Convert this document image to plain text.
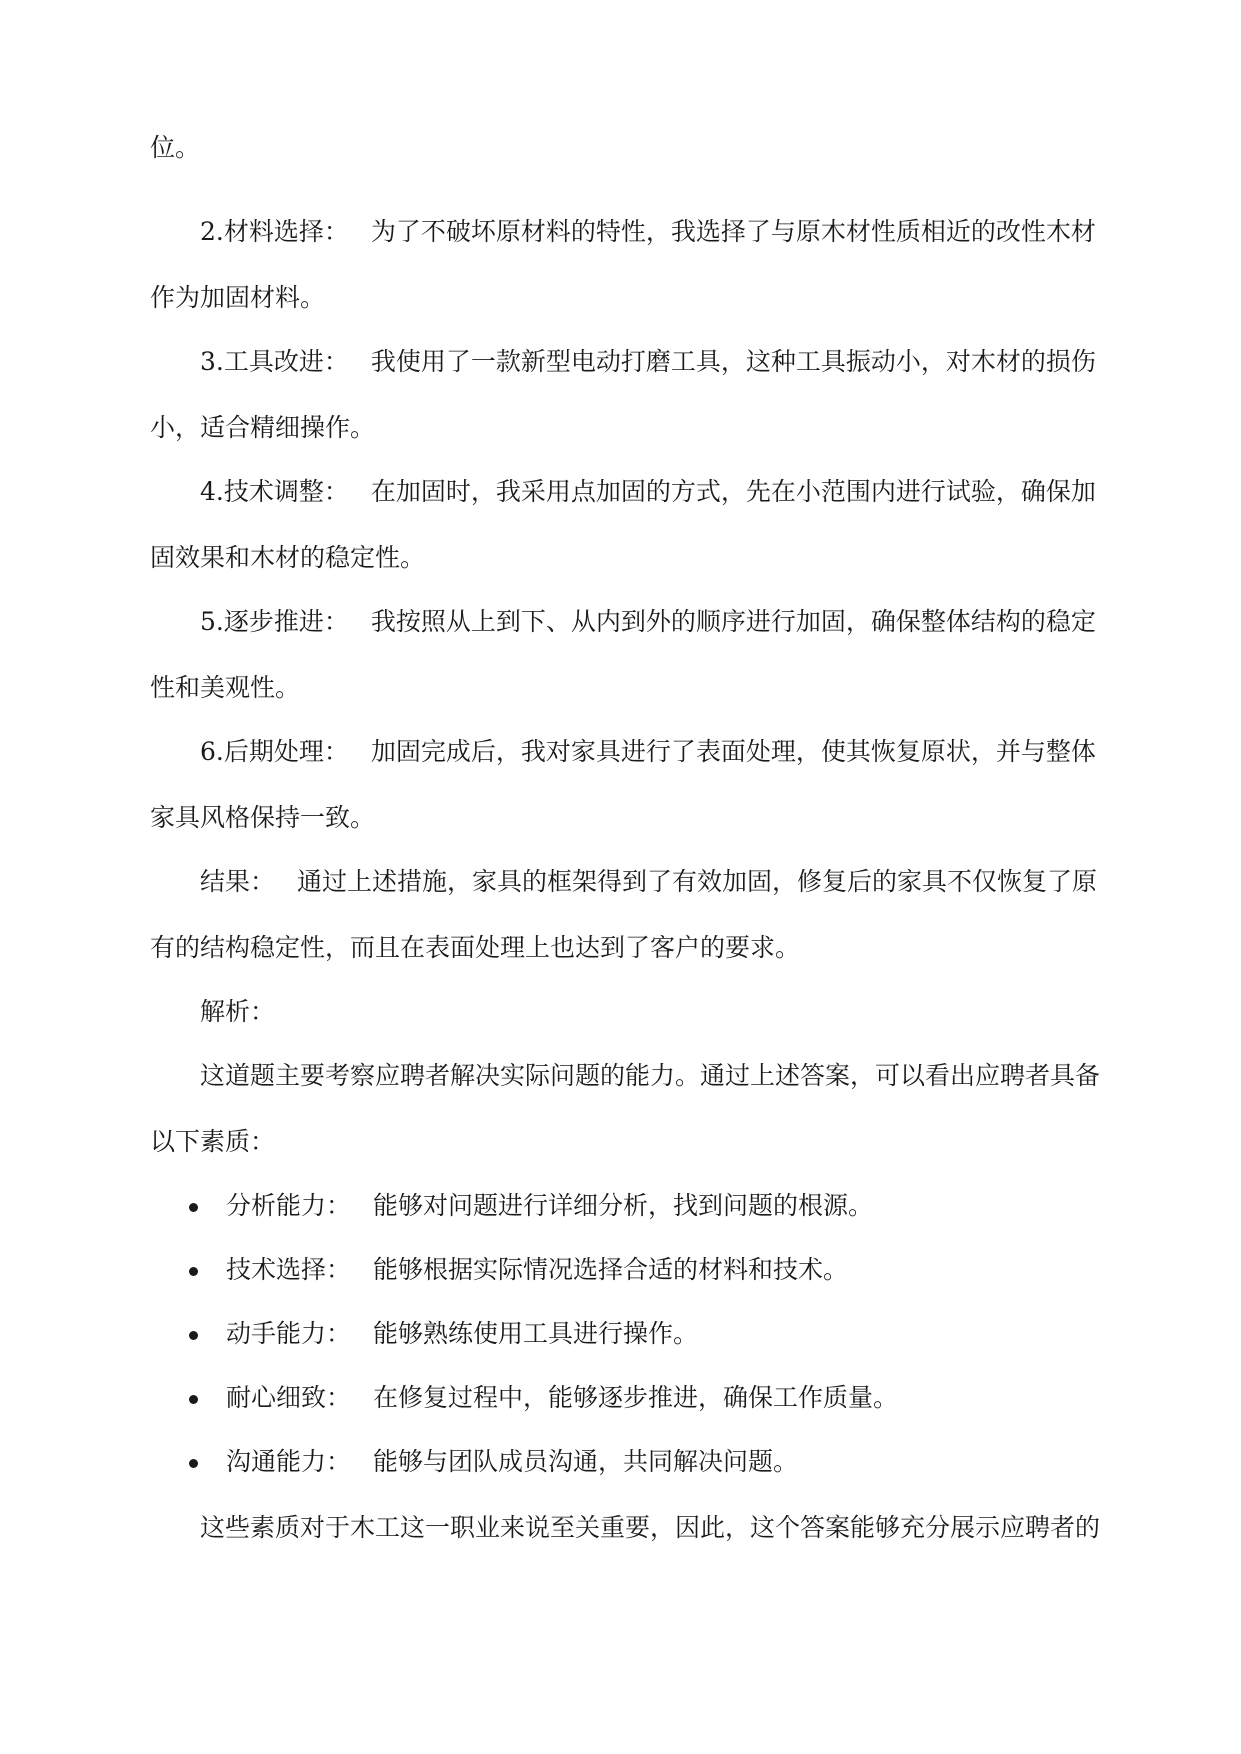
位。
2.材料选择： 为了不破坏原材料的特性，我选择了与原木材性质相近的改性木材
作为加固材料。
3.工具改进： 我使用了一款新型电动打磨工具，这种工具振动小，对木材的损伤
小，适合精细操作。
4.技术调整： 在加固时，我采用点加固的方式，先在小范围内进行试验，确保加
固效果和木材的稳定性。
5.逐步推进： 我按照从上到下、从内到外的顺序进行加固，确保整体结构的稳定
性和美观性。
6.后期处理： 加固完成后，我对家具进行了表面处理，使其恢复原状，并与整体
家具风格保持一致。
结果： 通过上述措施，家具的框架得到了有效加固，修复后的家具不仅恢复了原
有的结构稳定性，而且在表面处理上也达到了客户的要求。
解析：
这道题主要考察应聘者解决实际问题的能力。通过上述答案，可以看出应聘者具备
以下素质：
分析能力： 能够对问题进行详细分析，找到问题的根源。
技术选择： 能够根据实际情况选择合适的材料和技术。
动手能力： 能够熟练使用工具进行操作。
耐心细致： 在修复过程中，能够逐步推进，确保工作质量。
沟通能力： 能够与团队成员沟通，共同解决问题。
这些素质对于木工这一职业来说至关重要，因此，这个答案能够充分展示应聘者的
